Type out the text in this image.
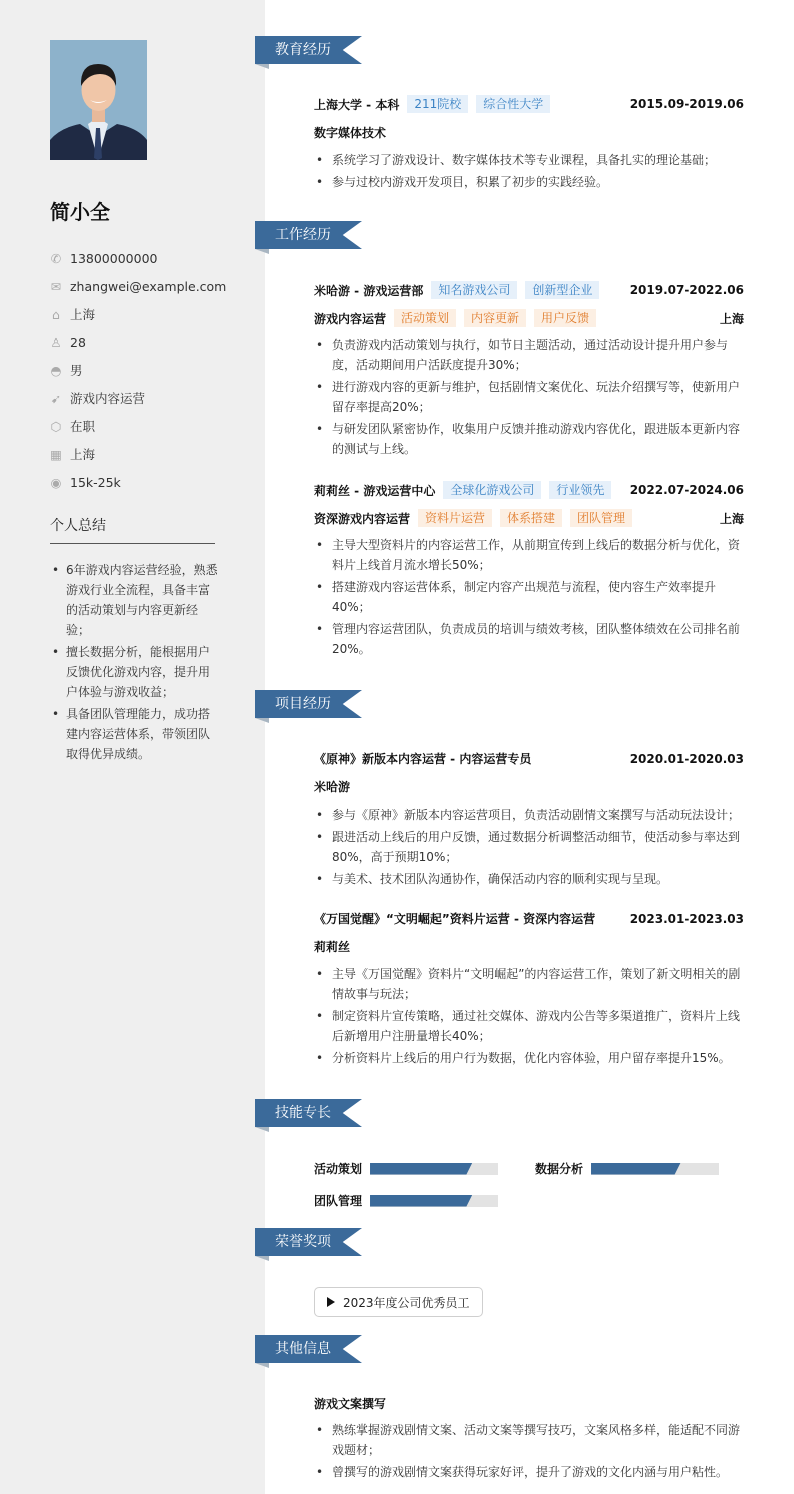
简小全
✆ 13800000000
✉ zhangwei@example.com
⌂ 上海
♙ 28
◓ 男
➹ 游戏内容运营
⬡ 在职
▦ 上海
◉ 15k-25k
个人总结
• 6年游戏内容运营经验，熟悉游戏行业全流程，具备丰富的活动策划与内容更新经验；
• 擅长数据分析，能根据用户反馈优化游戏内容，提升用户体验与游戏收益；
• 具备团队管理能力，成功搭建内容运营体系，带领团队取得优异成绩。
教育经历
上海大学 - 本科	211院校	综合性大学	2015.09-2019.06
数字媒体技术
• 系统学习了游戏设计、数字媒体技术等专业课程，具备扎实的理论基础；
• 参与过校内游戏开发项目，积累了初步的实践经验。
工作经历
米哈游 - 游戏运营部	知名游戏公司	创新型企业	2019.07-2022.06
游戏内容运营	活动策划	内容更新	用户反馈	上海
• 负责游戏内活动策划与执行，如节日主题活动，通过活动设计提升用户参与度，活动期间用户活跃度提升30%；
• 进行游戏内容的更新与维护，包括剧情文案优化、玩法介绍撰写等，使新用户留存率提高20%；
• 与研发团队紧密协作，收集用户反馈并推动游戏内容优化，跟进版本更新内容的测试与上线。
莉莉丝 - 游戏运营中心	全球化游戏公司	行业领先	2022.07-2024.06
资深游戏内容运营	资料片运营	体系搭建	团队管理	上海
• 主导大型资料片的内容运营工作，从前期宣传到上线后的数据分析与优化，资料片上线首月流水增长50%；
• 搭建游戏内容运营体系，制定内容产出规范与流程，使内容生产效率提升40%；
• 管理内容运营团队，负责成员的培训与绩效考核，团队整体绩效在公司排名前20%。
项目经历
《原神》新版本内容运营 - 内容运营专员	2020.01-2020.03
米哈游
• 参与《原神》新版本内容运营项目，负责活动剧情文案撰写与活动玩法设计；
• 跟进活动上线后的用户反馈，通过数据分析调整活动细节，使活动参与率达到80%，高于预期10%；
• 与美术、技术团队沟通协作，确保活动内容的顺利实现与呈现。
《万国觉醒》“文明崛起”资料片运营 - 资深内容运营	2023.01-2023.03
莉莉丝
• 主导《万国觉醒》资料片“文明崛起”的内容运营工作，策划了新文明相关的剧情故事与玩法；
• 制定资料片宣传策略，通过社交媒体、游戏内公告等多渠道推广，资料片上线后新增用户注册量增长40%；
• 分析资料片上线后的用户行为数据，优化内容体验，用户留存率提升15%。
技能专长
活动策划	数据分析
团队管理
荣誉奖项
2023年度公司优秀员工
其他信息
游戏文案撰写
• 熟练掌握游戏剧情文案、活动文案等撰写技巧，文案风格多样，能适配不同游戏题材；
• 曾撰写的游戏剧情文案获得玩家好评，提升了游戏的文化内涵与用户粘性。
